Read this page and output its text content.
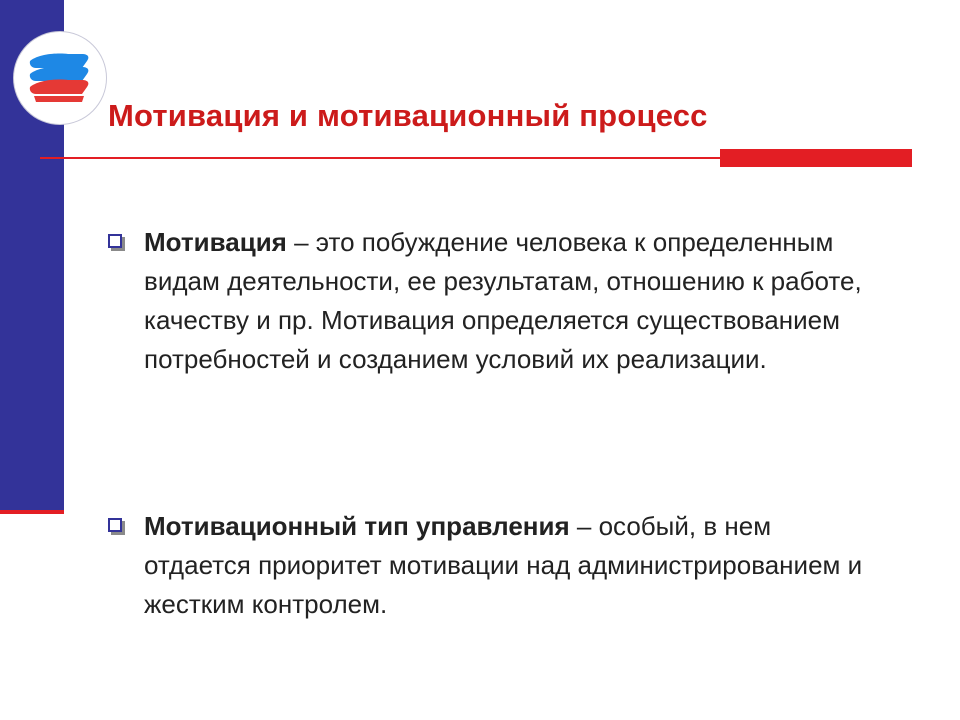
Мотивация и мотивационный процесс
Мотивация – это побуждение человека к определенным видам деятельности, ее результатам, отношению к работе, качеству и пр. Мотивация определяется существованием потребностей и созданием условий их реализации.
Мотивационный тип управления – особый, в нем отдается приоритет мотивации над администрированием и жестким контролем.
